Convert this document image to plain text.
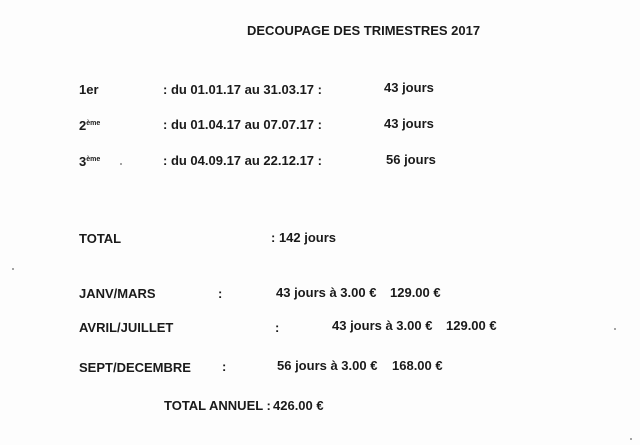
DECOUPAGE DES TRIMESTRES 2017
1er	: du 01.01.17 au 31.03.17 :	43 jours
2ème	: du 01.04.17 au 07.07.17 :	43 jours
3ème	: du 04.09.17 au 22.12.17 :	56 jours
TOTAL	: 142 jours
JANV/MARS	:	43 jours à 3.00 € 129.00 €
AVRIL/JUILLET	:	43 jours à 3.00 € 129.00 €
SEPT/DECEMBRE :	56 jours à 3.00 € 168.00 €
TOTAL ANNUEL : 426.00 €
